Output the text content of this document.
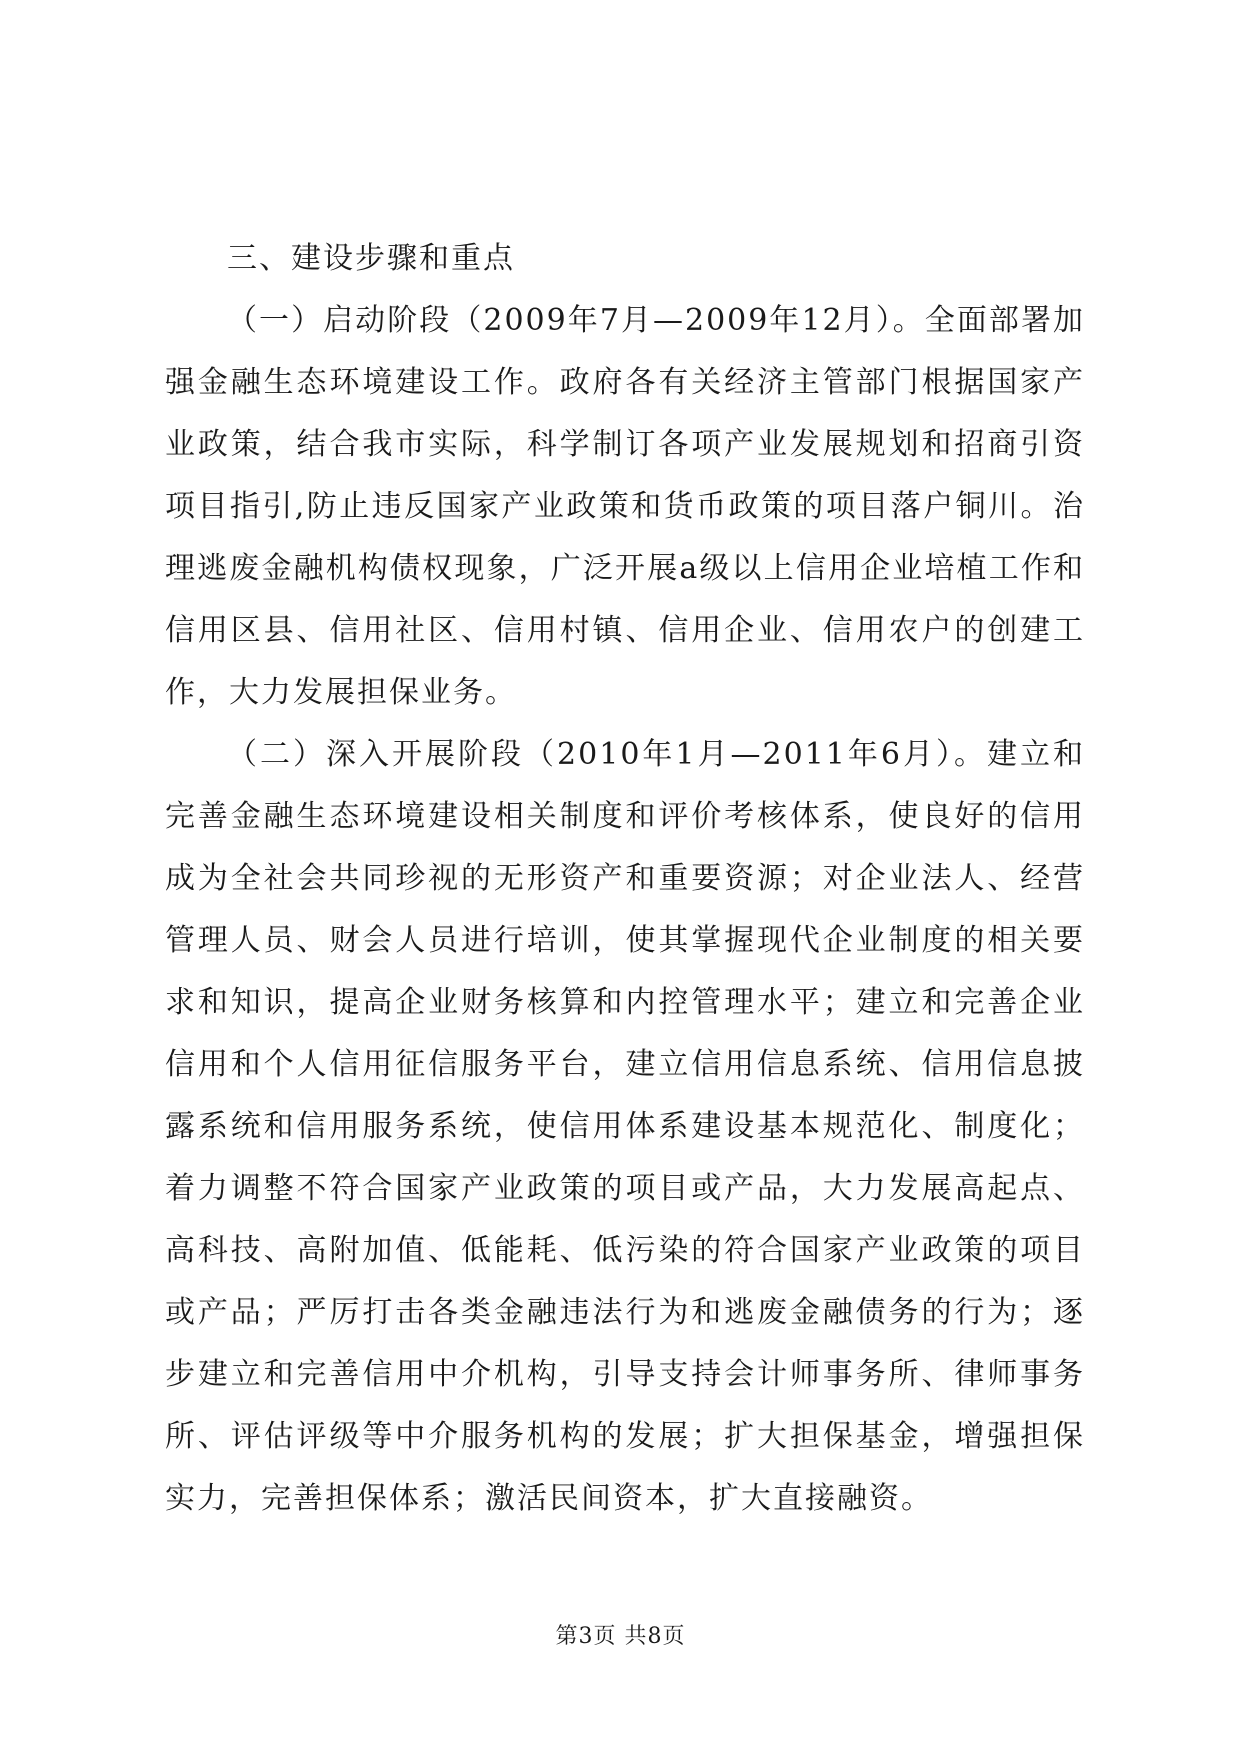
三、建设步骤和重点

（一）启动阶段（2009年7月—2009年12月）。全面部署加强金融生态环境建设工作。政府各有关经济主管部门根据国家产业政策，结合我市实际，科学制订各项产业发展规划和招商引资项目指引,防止违反国家产业政策和货币政策的项目落户铜川。治理逃废金融机构债权现象，广泛开展a级以上信用企业培植工作和信用区县、信用社区、信用村镇、信用企业、信用农户的创建工作，大力发展担保业务。

（二）深入开展阶段（2010年1月—2011年6月）。建立和完善金融生态环境建设相关制度和评价考核体系，使良好的信用成为全社会共同珍视的无形资产和重要资源；对企业法人、经营管理人员、财会人员进行培训，使其掌握现代企业制度的相关要求和知识，提高企业财务核算和内控管理水平；建立和完善企业信用和个人信用征信服务平台，建立信用信息系统、信用信息披露系统和信用服务系统，使信用体系建设基本规范化、制度化；着力调整不符合国家产业政策的项目或产品，大力发展高起点、高科技、高附加值、低能耗、低污染的符合国家产业政策的项目或产品；严厉打击各类金融违法行为和逃废金融债务的行为；逐步建立和完善信用中介机构，引导支持会计师事务所、律师事务所、评估评级等中介服务机构的发展；扩大担保基金，增强担保实力，完善担保体系；激活民间资本，扩大直接融资。

第3页 共8页
